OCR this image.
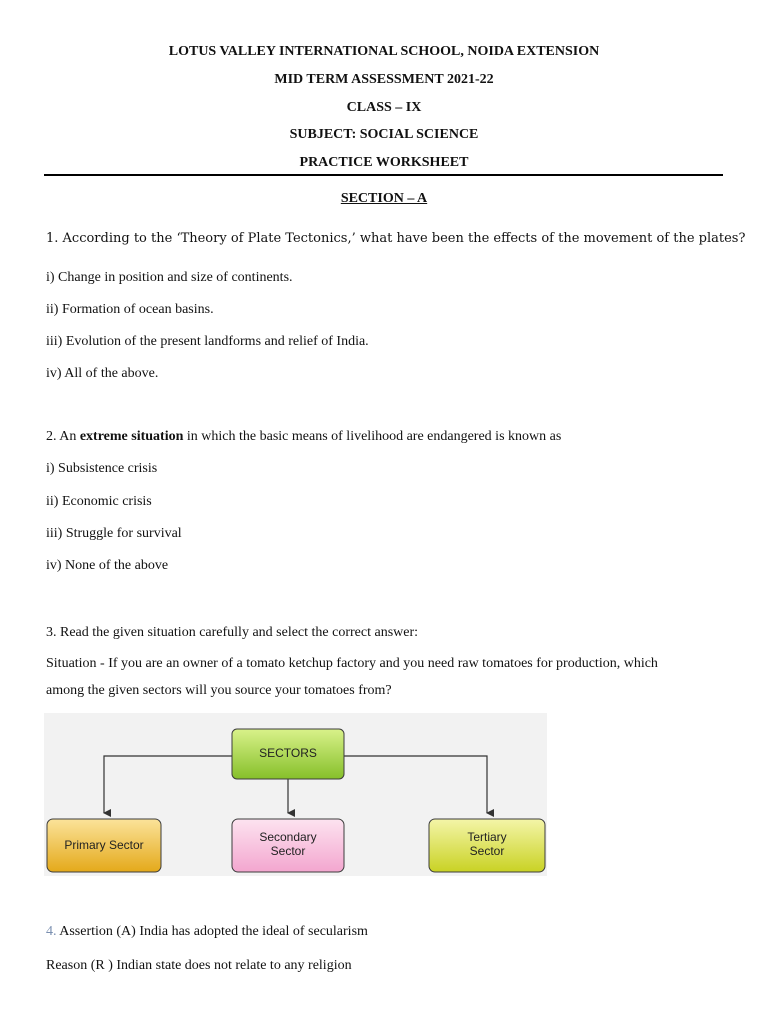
LOTUS VALLEY INTERNATIONAL SCHOOL, NOIDA EXTENSION
MID TERM ASSESSMENT 2021-22
CLASS – IX
SUBJECT: SOCIAL SCIENCE
PRACTICE WORKSHEET
SECTION – A
1. According to the ‘Theory of Plate Tectonics,’ what have been the effects of the movement of the plates?
i) Change in position and size of continents.
ii) Formation of ocean basins.
iii) Evolution of the present landforms and relief of India.
iv) All of the above.
2. An extreme situation in which the basic means of livelihood are endangered is known as
i) Subsistence crisis
ii) Economic crisis
iii) Struggle for survival
iv) None of the above
3. Read the given situation carefully and select the correct answer:
Situation - If you are an owner of a tomato ketchup factory and you need raw tomatoes for production, which
among the given sectors will you source your tomatoes from?
SECTORS
Primary Sector
Secondary
Sector
Tertiary
Sector
4. Assertion (A) India has adopted the ideal of secularism
Reason (R ) Indian state does not relate to any religion
